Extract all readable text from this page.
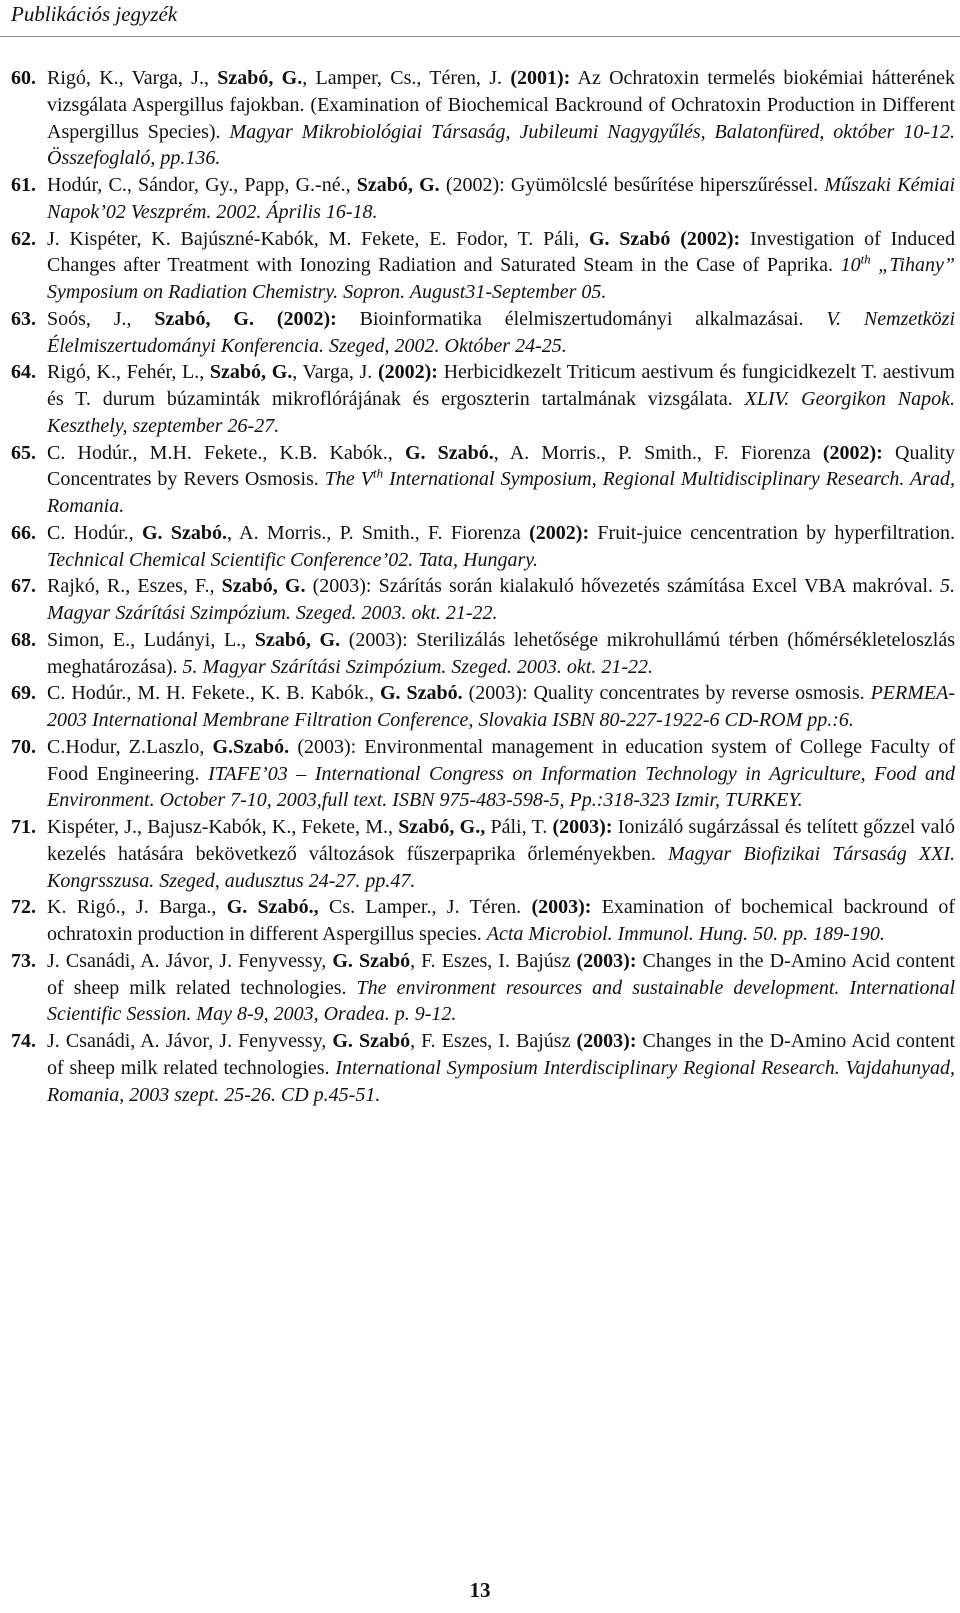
Publikációs jegyzék
60. Rigó, K., Varga, J., Szabó, G., Lamper, Cs., Téren, J. (2001): Az Ochratoxin termelés biokémiai hátterének vizsgálata Aspergillus fajokban. (Examination of Biochemical Backround of Ochratoxin Production in Different Aspergillus Species). Magyar Mikrobiológiai Társaság, Jubileumi Nagygyűlés, Balatonfüred, október 10-12. Összefoglaló, pp.136.
61. Hodúr, C., Sándor, Gy., Papp, G.-né., Szabó, G. (2002): Gyümölcslé besűrítése hiperszűréssel. Műszaki Kémiai Napok’02 Veszprém. 2002. Április 16-18.
62. J. Kispéter, K. Bajúszné-Kabók, M. Fekete, E. Fodor, T. Páli, G. Szabó (2002): Investigation of Induced Changes after Treatment with Ionozing Radiation and Saturated Steam in the Case of Paprika. 10th „Tihany” Symposium on Radiation Chemistry. Sopron. August31-September 05.
63. Soós, J., Szabó, G. (2002): Bioinformatika élelmiszertudományi alkalmazásai. V. Nemzetközi Élelmiszertudományi Konferencia. Szeged, 2002. Október 24-25.
64. Rigó, K., Fehér, L., Szabó, G., Varga, J. (2002): Herbicidkezelt Triticum aestivum és fungicidkezelt T. aestivum és T. durum búzaminták mikroflórájának és ergoszterin tartalmának vizsgálata. XLIV. Georgikon Napok. Keszthely, szeptember 26-27.
65. C. Hodúr., M.H. Fekete., K.B. Kabók., G. Szabó., A. Morris., P. Smith., F. Fiorenza (2002): Quality Concentrates by Revers Osmosis. The Vth International Symposium, Regional Multidisciplinary Research. Arad, Romania.
66. C. Hodúr., G. Szabó., A. Morris., P. Smith., F. Fiorenza (2002): Fruit-juice cencentration by hyperfiltration. Technical Chemical Scientific Conference’02. Tata, Hungary.
67. Rajkó, R., Eszes, F., Szabó, G. (2003): Szárítás során kialakuló hővezetés számítása Excel VBA makróval. 5. Magyar Szárítási Szimpózium. Szeged. 2003. okt. 21-22.
68. Simon, E., Ludányi, L., Szabó, G. (2003): Sterilizálás lehetősége mikrohullámú térben (hőmérsékleteloszlás meghatározása). 5. Magyar Szárítási Szimpózium. Szeged. 2003. okt. 21-22.
69. C. Hodúr., M. H. Fekete., K. B. Kabók., G. Szabó. (2003): Quality concentrates by reverse osmosis. PERMEA- 2003 International Membrane Filtration Conference, Slovakia ISBN 80-227-1922-6 CD-ROM pp.:6.
70. C.Hodur, Z.Laszlo, G.Szabó. (2003): Environmental management in education system of College Faculty of Food Engineering. ITAFE’03 – International Congress on Information Technology in Agriculture, Food and Environment. October 7-10, 2003,full text. ISBN 975-483-598-5, Pp.:318-323 Izmir, TURKEY.
71. Kispéter, J., Bajusz-Kabók, K., Fekete, M., Szabó, G., Páli, T. (2003): Ionizáló sugárzással és telített gőzzel való kezelés hatására bekövetkező változások fűszerpaprika őrleményekben. Magyar Biofizikai Társaság XXI. Kongrsszusa. Szeged, audusztus 24-27. pp.47.
72. K. Rigó., J. Barga., G. Szabó., Cs. Lamper., J. Téren. (2003): Examination of bochemical backround of ochratoxin production in different Aspergillus species. Acta Microbiol. Immunol. Hung. 50. pp. 189-190.
73. J. Csanádi, A. Jávor, J. Fenyvessy, G. Szabó, F. Eszes, I. Bajúsz (2003): Changes in the D-Amino Acid content of sheep milk related technologies. The environment resources and sustainable development. International Scientific Session. May 8-9, 2003, Oradea. p. 9-12.
74. J. Csanádi, A. Jávor, J. Fenyvessy, G. Szabó, F. Eszes, I. Bajúsz (2003): Changes in the D-Amino Acid content of sheep milk related technologies. International Symposium Interdisciplinary Regional Research. Vajdahunyad, Romania, 2003 szept. 25-26. CD p.45-51.
13
